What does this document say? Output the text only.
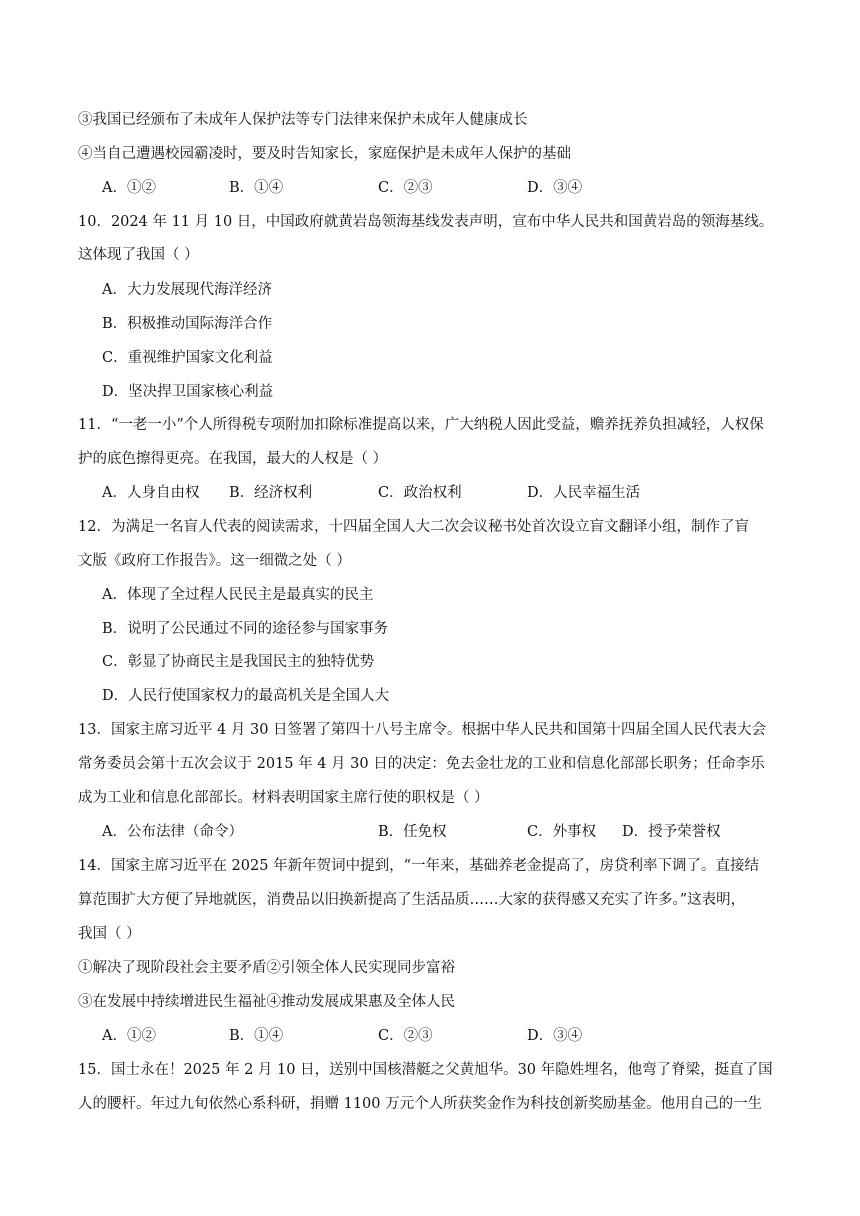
③我国已经颁布了未成年人保护法等专门法律来保护未成年人健康成长
④当自己遭遇校园霸凌时，要及时告知家长，家庭保护是未成年人保护的基础
A．①②	B．①④	C．②③	D．③④
10．2024 年 11 月 10 日，中国政府就黄岩岛领海基线发表声明，宣布中华人民共和国黄岩岛的领海基线。
这体现了我国（ ）
A．大力发展现代海洋经济
B．积极推动国际海洋合作
C．重视维护国家文化利益
D．坚决捍卫国家核心利益
11．“一老一小”个人所得税专项附加扣除标准提高以来，广大纳税人因此受益，赡养抚养负担减轻，人权保
护的底色擦得更亮。在我国，最大的人权是（ ）
A．人身自由权 B．经济权利	C．政治权利	D．人民幸福生活
12．为满足一名盲人代表的阅读需求，十四届全国人大二次会议秘书处首次设立盲文翻译小组，制作了盲
文版《政府工作报告》。这一细微之处（ ）
A．体现了全过程人民民主是最真实的民主
B．说明了公民通过不同的途径参与国家事务
C．彰显了协商民主是我国民主的独特优势
D．人民行使国家权力的最高机关是全国人大
13．国家主席习近平 4 月 30 日签署了第四十八号主席令。根据中华人民共和国第十四届全国人民代表大会
常务委员会第十五次会议于 2015 年 4 月 30 日的决定：免去金壮龙的工业和信息化部部长职务；任命李乐
成为工业和信息化部部长。材料表明国家主席行使的职权是（ ）
A．公布法律（命令）	B．任免权	C．外事权 D．授予荣誉权
14．国家主席习近平在 2025 年新年贺词中提到，“一年来，基础养老金提高了，房贷利率下调了。直接结
算范围扩大方便了异地就医，消费品以旧换新提高了生活品质……大家的获得感又充实了许多。”这表明，
我国（ ）
①解决了现阶段社会主要矛盾②引领全体人民实现同步富裕
③在发展中持续增进民生福祉④推动发展成果惠及全体人民
A．①②	B．①④	C．②③	D．③④
15．国士永在！2025 年 2 月 10 日，送别中国核潜艇之父黄旭华。30 年隐姓埋名，他弯了脊梁，挺直了国
人的腰杆。年过九旬依然心系科研，捐赠 1100 万元个人所获奖金作为科技创新奖励基金。他用自己的一生
